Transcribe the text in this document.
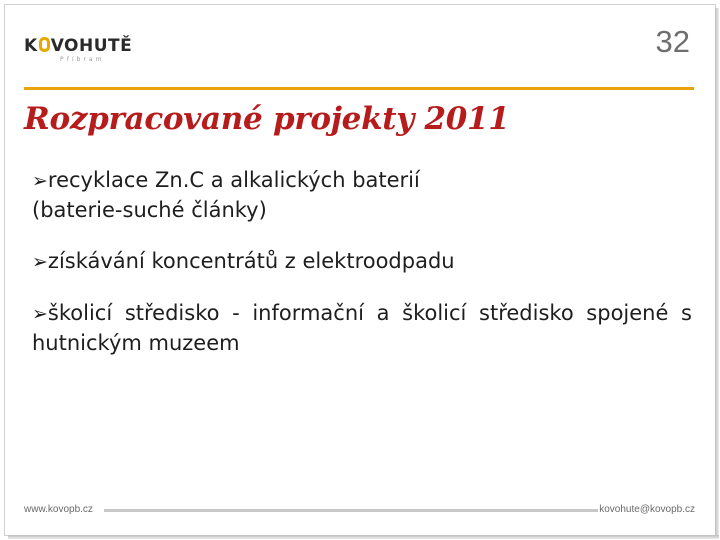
K VOHUTĚ
Příbram
32
Rozpracované projekty 2011
➢recyklace Zn.C a alkalických baterií
(baterie-suché články)
➢získávání koncentrátů z elektroodpadu
➢školicí středisko - informační a školicí středisko spojené s hutnickým muzeem
www.kovopb.cz	kovohute@kovopb.cz
